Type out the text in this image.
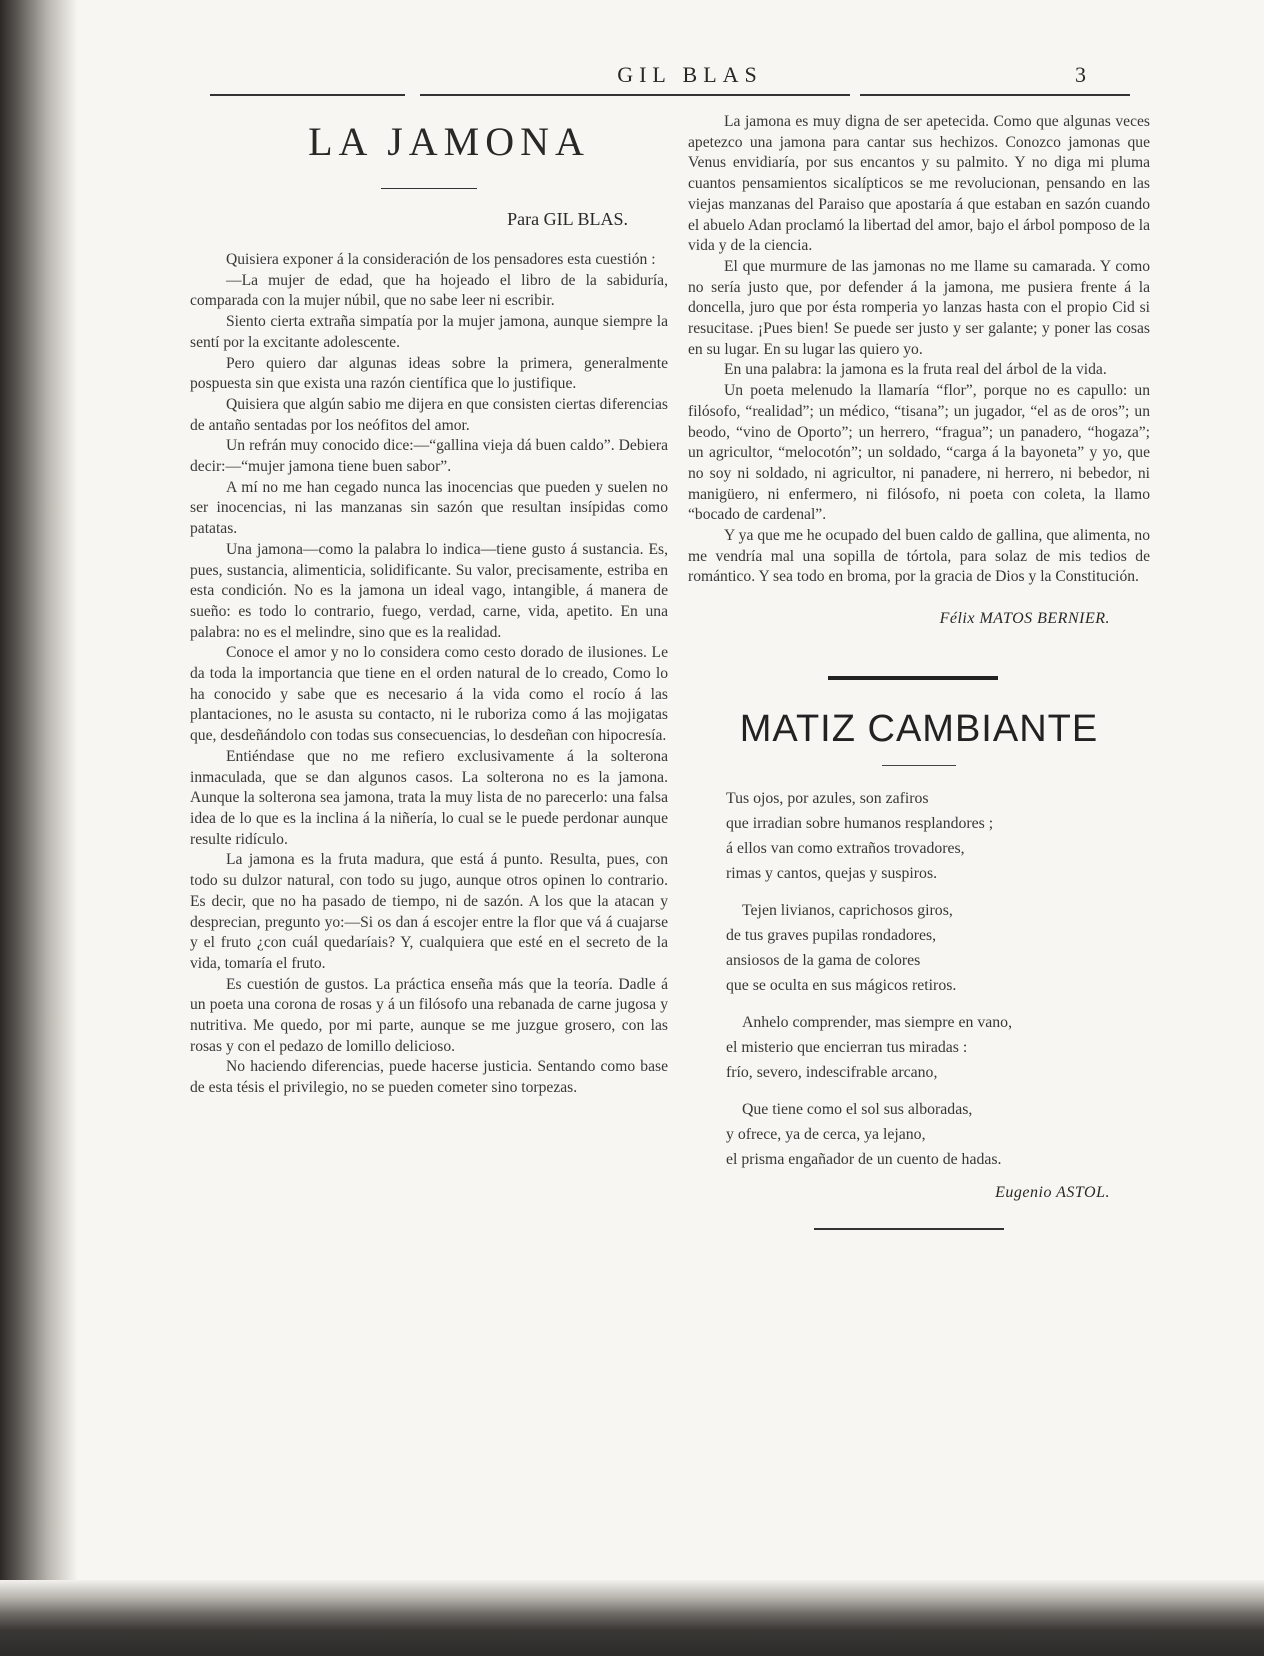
GIL BLAS	3
LA JAMONA
Para GIL BLAS.

Quisiera exponer á la consideración de los pensadores esta cuestión :

—La mujer de edad, que ha hojeado el libro de la sabiduría, comparada con la mujer núbil, que no sabe leer ni escribir.

Siento cierta extraña simpatía por la mujer jamona, aunque siempre la sentí por la excitante adolescente.

Pero quiero dar algunas ideas sobre la primera, generalmente pospuesta sin que exista una razón científica que lo justifique.

Quisiera que algún sabio me dijera en que consisten ciertas diferencias de antaño sentadas por los neófitos del amor.

Un refrán muy conocido dice:—“gallina vieja dá buen caldo”. Debiera decir:—“mujer jamona tiene buen sabor”.

A mí no me han cegado nunca las inocencias que pueden y suelen no ser inocencias, ni las manzanas sin sazón que resultan insípidas como patatas.

Una jamona—como la palabra lo indica—tiene gusto á sustancia. Es, pues, sustancia, alimenticia, solidificante. Su valor, precisamente, estriba en esta condición. No es la jamona un ideal vago, intangible, á manera de sueño: es todo lo contrario, fuego, verdad, carne, vida, apetito. En una palabra: no es el melindre, sino que es la realidad.

Conoce el amor y no lo considera como cesto dorado de ilusiones. Le da toda la importancia que tiene en el orden natural de lo creado, Como lo ha conocido y sabe que es necesario á la vida como el rocío á las plantaciones, no le asusta su contacto, ni le ruboriza como á las mojigatas que, desdeñándolo con todas sus consecuencias, lo desdeñan con hipocresía.

Entiéndase que no me refiero exclusivamente á la solterona inmaculada, que se dan algunos casos. La solterona no es la jamona. Aunque la solterona sea jamona, trata la muy lista de no parecerlo: una falsa idea de lo que es la inclina á la niñería, lo cual se le puede perdonar aunque resulte ridículo.

La jamona es la fruta madura, que está á punto. Resulta, pues, con todo su dulzor natural, con todo su jugo, aunque otros opinen lo contrario. Es decir, que no ha pasado de tiempo, ni de sazón. A los que la atacan y desprecian, pregunto yo:—Si os dan á escojer entre la flor que vá á cuajarse y el fruto ¿con cuál quedaríais? Y, cualquiera que esté en el secreto de la vida, tomaría el fruto.

Es cuestión de gustos. La práctica enseña más que la teoría. Dadle á un poeta una corona de rosas y á un filósofo una rebanada de carne jugosa y nutritiva. Me quedo, por mi parte, aunque se me juzgue grosero, con las rosas y con el pedazo de lomillo delicioso.

No haciendo diferencias, puede hacerse justicia. Sentando como base de esta tésis el privilegio, no se pueden cometer sino torpezas.

La jamona es muy digna de ser apetecida. Como que algunas veces apetezco una jamona para cantar sus hechizos. Conozco jamonas que Venus envidiaría, por sus encantos y su palmito. Y no diga mi pluma cuantos pensamientos sicalípticos se me revolucionan, pensando en las viejas manzanas del Paraiso que apostaría á que estaban en sazón cuando el abuelo Adan proclamó la libertad del amor, bajo el árbol pomposo de la vida y de la ciencia.

El que murmure de las jamonas no me llame su camarada. Y como no sería justo que, por defender á la jamona, me pusiera frente á la doncella, juro que por ésta romperia yo lanzas hasta con el propio Cid si resucitase. ¡Pues bien! Se puede ser justo y ser galante; y poner las cosas en su lugar. En su lugar las quiero yo.

En una palabra: la jamona es la fruta real del árbol de la vida.

Un poeta melenudo la llamaría “flor”, porque no es capullo: un filósofo, “realidad”; un médico, “tisana”; un jugador, “el as de oros”; un beodo, “vino de Oporto”; un herrero, “fragua”; un panadero, “hogaza”; un agricultor, “melocotón”; un soldado, “carga á la bayoneta” y yo, que no soy ni soldado, ni agricultor, ni panadere, ni herrero, ni bebedor, ni manigüero, ni enfermero, ni filósofo, ni poeta con coleta, la llamo “bocado de cardenal”.

Y ya que me he ocupado del buen caldo de gallina, que alimenta, no me vendría mal una sopilla de tórtola, para solaz de mis tedios de romántico. Y sea todo en broma, por la gracia de Dios y la Constitución.

Félix MATOS BERNIER.
MATIZ CAMBIANTE
Tus ojos, por azules, son zafiros
que irradian sobre humanos resplandores ;
á ellos van como extraños trovadores,
rimas y cantos, quejas y suspiros.
Tejen livianos, caprichosos giros,
de tus graves pupilas rondadores,
ansiosos de la gama de colores
que se oculta en sus mágicos retiros.
Anhelo comprender, mas siempre en vano,
el misterio que encierran tus miradas :
frío, severo, indescifrable arcano,
Que tiene como el sol sus alboradas,
y ofrece, ya de cerca, ya lejano,
el prisma engañador de un cuento de hadas.
Eugenio ASTOL.
